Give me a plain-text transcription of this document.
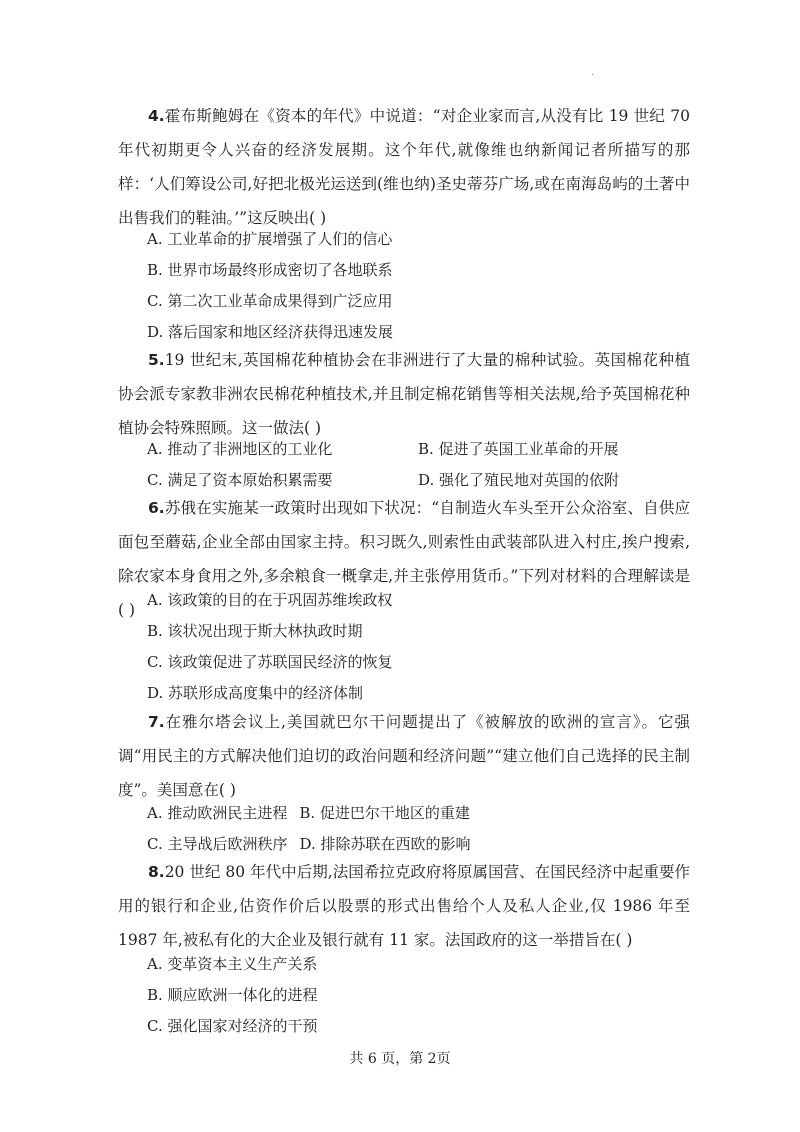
·
4.霍布斯鲍姆在《资本的年代》中说道：“对企业家而言,从没有比 19 世纪 70 年代初期更令人兴奋的经济发展期。这个年代,就像维也纳新闻记者所描写的那样：‘人们筹设公司,好把北极光运送到(维也纳)圣史蒂芬广场,或在南海岛屿的土著中出售我们的鞋油。’”这反映出( )
A. 工业革命的扩展增强了人们的信心
B. 世界市场最终形成密切了各地联系
C. 第二次工业革命成果得到广泛应用
D. 落后国家和地区经济获得迅速发展
5.19 世纪末,英国棉花种植协会在非洲进行了大量的棉种试验。英国棉花种植协会派专家教非洲农民棉花种植技术,并且制定棉花销售等相关法规,给予英国棉花种植协会特殊照顾。这一做法( )
A. 推动了非洲地区的工业化	B. 促进了英国工业革命的开展
C. 满足了资本原始积累需要	D. 强化了殖民地对英国的依附
6.苏俄在实施某一政策时出现如下状况：“自制造火车头至开公众浴室、自供应面包至蘑菇,企业全部由国家主持。积习既久,则索性由武装部队进入村庄,挨户搜索,除农家本身食用之外,多余粮食一概拿走,并主张停用货币。”下列对材料的合理解读是( )
A. 该政策的目的在于巩固苏维埃政权
B. 该状况出现于斯大林执政时期
C. 该政策促进了苏联国民经济的恢复
D. 苏联形成高度集中的经济体制
7.在雅尔塔会议上,美国就巴尔干问题提出了《被解放的欧洲的宣言》。它强调“用民主的方式解决他们迫切的政治问题和经济问题”“建立他们自己选择的民主制度”。美国意在( )
A. 推动欧洲民主进程 B. 促进巴尔干地区的重建
C. 主导战后欧洲秩序 D. 排除苏联在西欧的影响
8.20 世纪 80 年代中后期,法国希拉克政府将原属国营、在国民经济中起重要作用的银行和企业,估资作价后以股票的形式出售给个人及私人企业,仅 1986 年至 1987 年,被私有化的大企业及银行就有 11 家。法国政府的这一举措旨在( )
A. 变革资本主义生产关系
B. 顺应欧洲一体化的进程
C. 强化国家对经济的干预
共 6 页，第 2页
